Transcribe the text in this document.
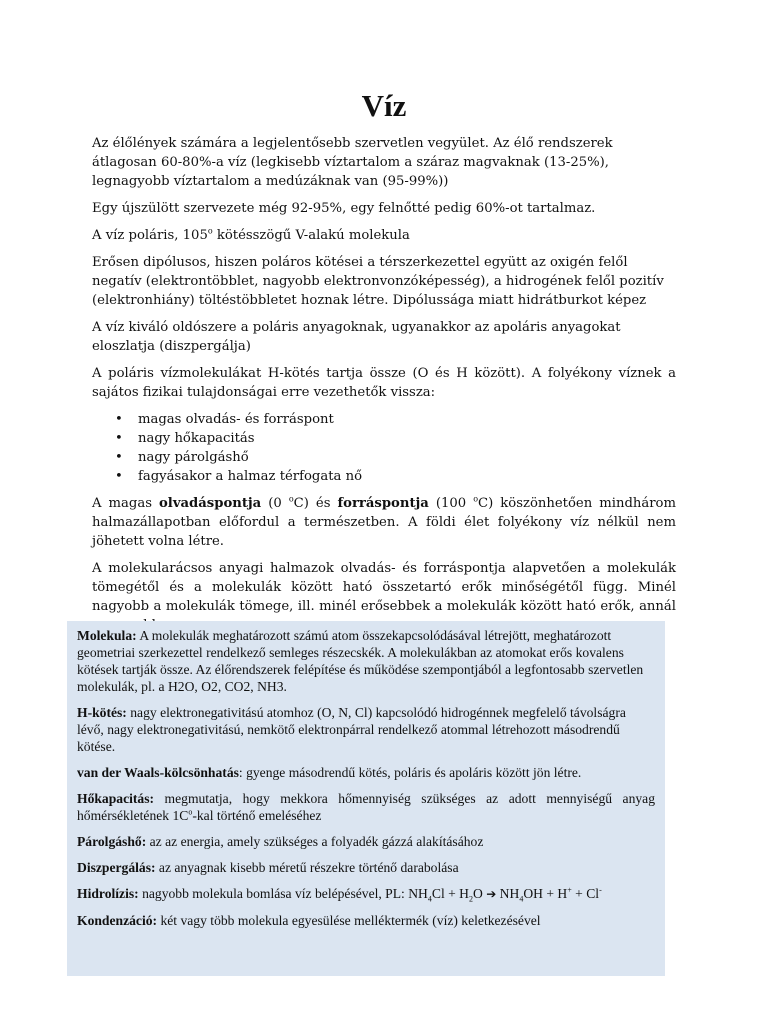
Víz

Az élőlények számára a legjelentősebb szervetlen vegyület. Az élő rendszerek átlagosan 60-80%-a víz (legkisebb víztartalom a száraz magvaknak (13-25%), legnagyobb víztartalom a medúzáknak van (95-99%))

Egy újszülött szervezete még 92-95%, egy felnőtté pedig 60%-ot tartalmaz.

A víz poláris, 105$^o$ kötésszögű V-alakú molekula

Erősen dipólusos, hiszen poláros kötései a térszerkezettel együtt az oxigén felől negatív (elektrontöbblet, nagyobb elektronvonzóképesség), a hidrogének felől pozitív (elektronhiány) töltéstöbbletet hoznak létre. Dipólussága miatt hidrátburkot képez

A víz kiváló oldószere a poláris anyagoknak, ugyanakkor az apoláris anyagokat eloszlatja (diszpergálja)

A poláris vízmolekulákat H-kötés tartja össze (O és H között). A folyékony víznek a sajátos fizikai tulajdonságai erre vezethetők vissza:

• magas olvadás- és forráspont
• nagy hőkapacitás
• nagy párolgáshő
• fagyásakor a halmaz térfogata nő

A magas olvadáspontja (0 $^o$C) és forráspontja (100 $^o$C) köszönhetően mindhárom halmazállapotban előfordul a természetben. A földi élet folyékony víz nélkül nem jöhetett volna létre.

A molekularácsos anyagi halmazok olvadás- és forráspontja alapvetően a molekulák tömegétől és a molekulák között ható összetartó erők minőségétől függ. Minél nagyobb a molekulák tömege, ill. minél erősebbek a molekulák között ható erők, annál

Molekula: A molekulák meghatározott számú atom összekapcsolódásával létrejött, meghatározott geometriai szerkezettel rendelkező semleges részecskék. A molekulákban az atomokat erős kovalens kötések tartják össze. Az élőrendszerek felépítése és működése szempontjából a legfontosabb szervetlen molekulák, pl. a H2O, O2, CO2, NH3.

H-kötés: nagy elektronegativitású atomhoz (O, N, Cl) kapcsolódó hidrogénnek megfelelő távolságra lévő, nagy elektronegativitású, nemkötő elektronpárral rendelkező atommal létrehozott másodrendű kötése.

van der Waals-kölcsönhatás: gyenge másodrendű kötés, poláris és apoláris között jön létre.

Hőkapacitás: megmutatja, hogy mekkora hőmennyiség szükséges az adott mennyiségű anyag hőmérsékletének $1C^o$-kal történő emeléséhez

Párolgáshő: az az energia, amely szükséges a folyadék gázzá alakításához

Diszpergálás: az anyagnak kisebb méretű részekre történő darabolása

Hidrolízis: nagyobb molekula bomlása víz belépésével, PL: $NH_4Cl + H_2O$ ➔ $NH_4OH + H^+ + Cl^-$

Kondenzáció: két vagy több molekula egyesülése melléktermék (víz) keletkezésével
